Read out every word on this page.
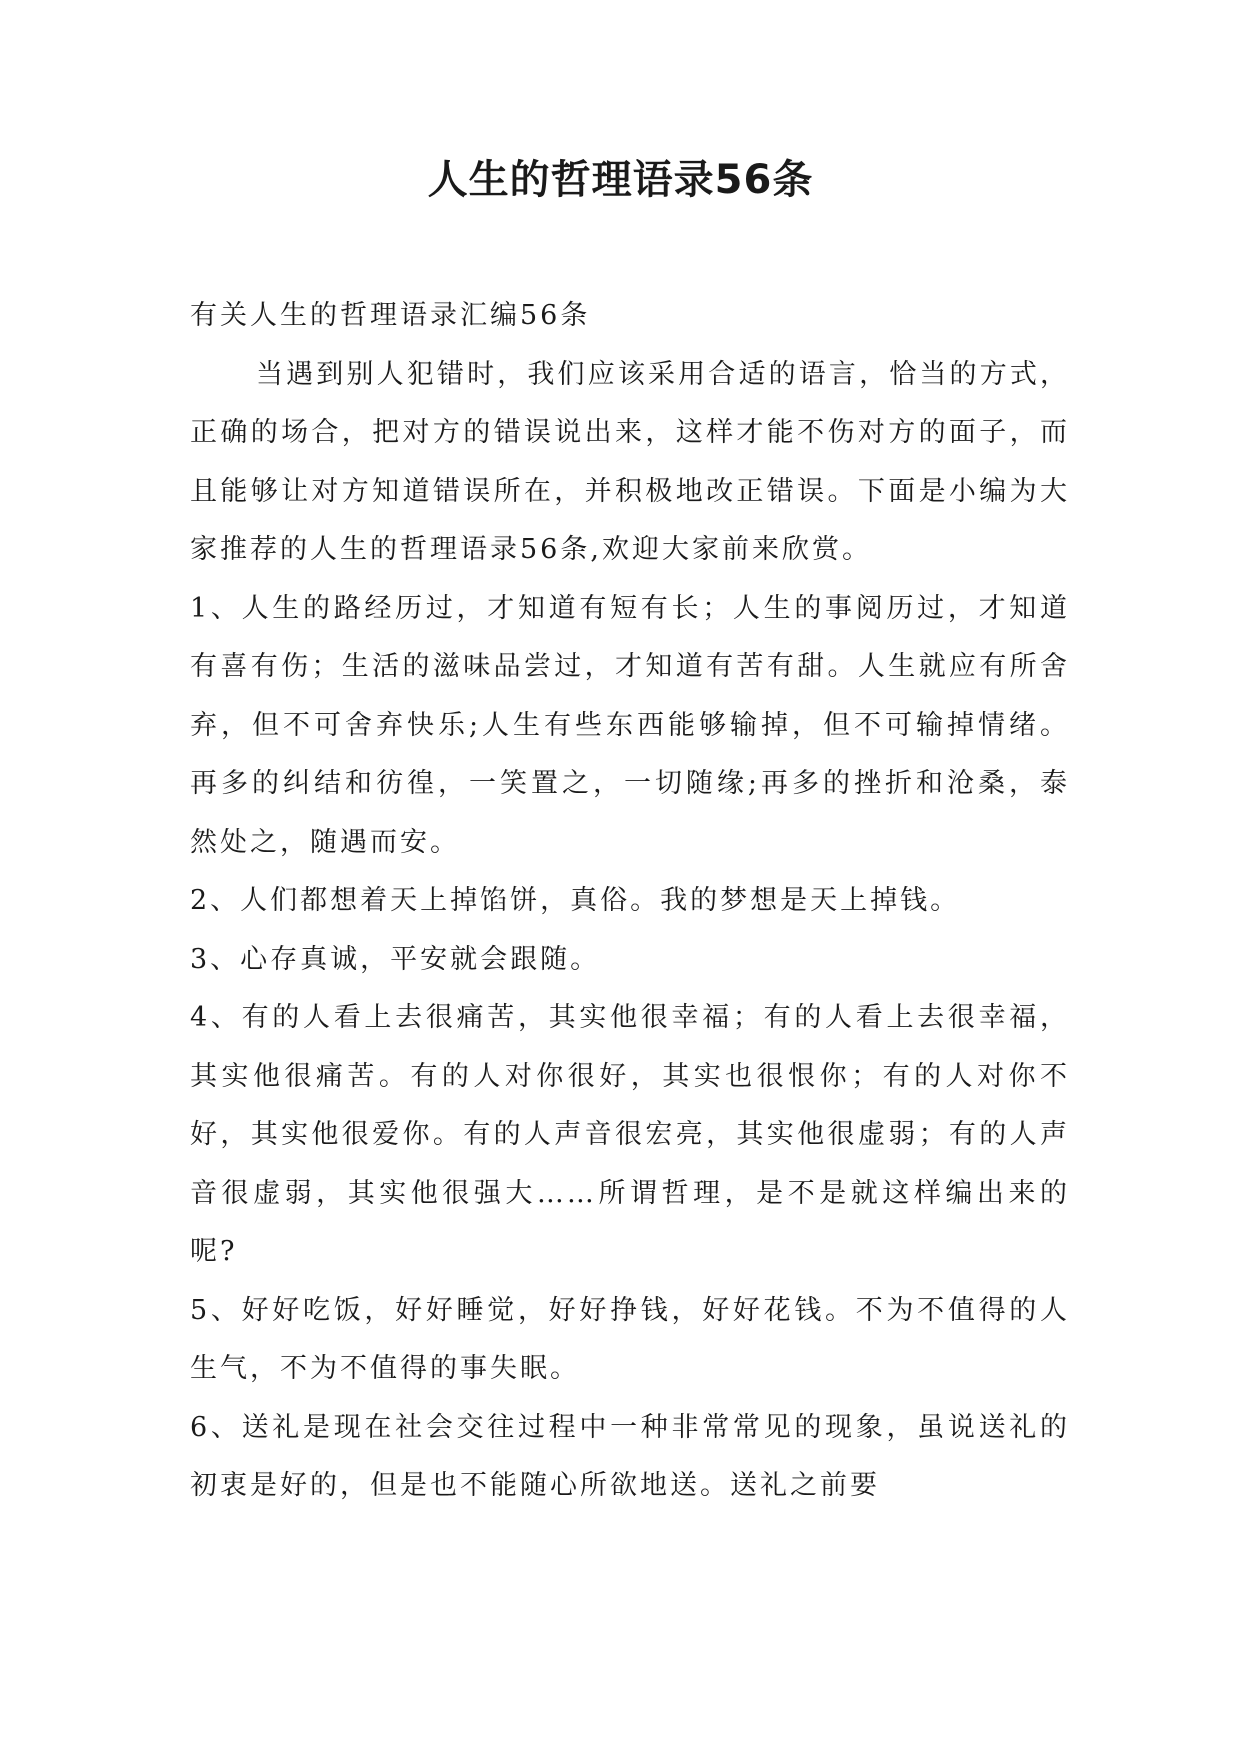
人生的哲理语录56条

有关人生的哲理语录汇编56条

当遇到别人犯错时，我们应该采用合适的语言，恰当的方式，正确的场合，把对方的错误说出来，这样才能不伤对方的面子，而且能够让对方知道错误所在，并积极地改正错误。下面是小编为大家推荐的人生的哲理语录56条,欢迎大家前来欣赏。

1、人生的路经历过，才知道有短有长；人生的事阅历过，才知道有喜有伤；生活的滋味品尝过，才知道有苦有甜。人生就应有所舍弃，但不可舍弃快乐;人生有些东西能够输掉，但不可输掉情绪。再多的纠结和彷徨，一笑置之，一切随缘;再多的挫折和沧桑，泰然处之，随遇而安。

2、人们都想着天上掉馅饼，真俗。我的梦想是天上掉钱。

3、心存真诚，平安就会跟随。

4、有的人看上去很痛苦，其实他很幸福；有的人看上去很幸福，其实他很痛苦。有的人对你很好，其实也很恨你；有的人对你不好，其实他很爱你。有的人声音很宏亮，其实他很虚弱；有的人声音很虚弱，其实他很强大……所谓哲理，是不是就这样编出来的呢?

5、好好吃饭，好好睡觉，好好挣钱，好好花钱。不为不值得的人生气，不为不值得的事失眠。

6、送礼是现在社会交往过程中一种非常常见的现象，虽说送礼的初衷是好的，但是也不能随心所欲地送。送礼之前要
